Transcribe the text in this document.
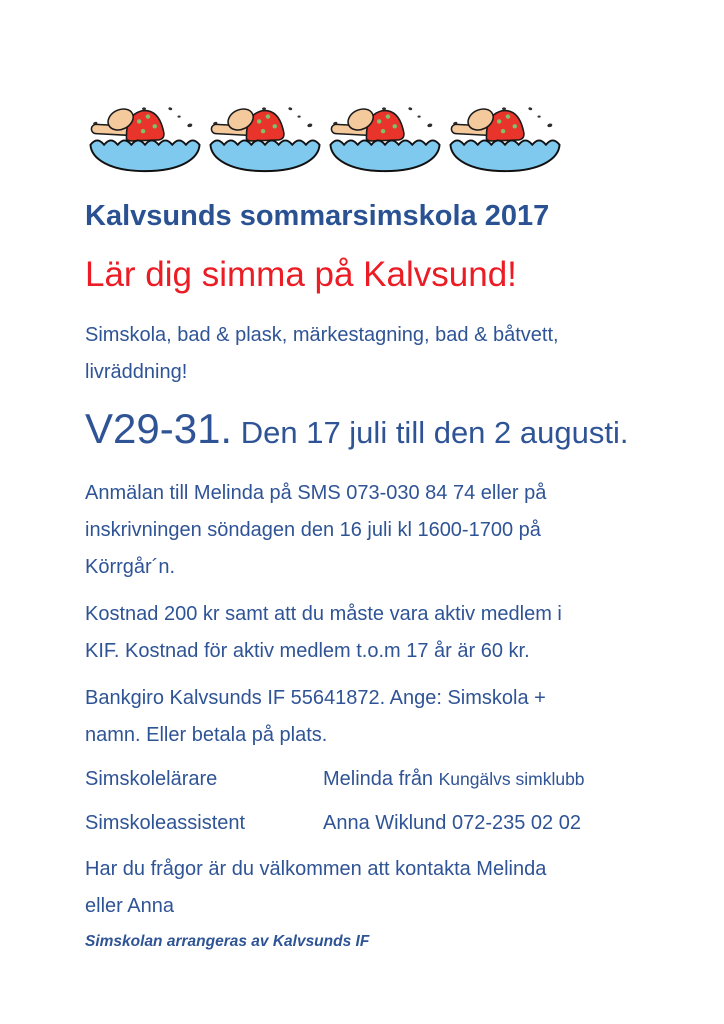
Kalvsunds sommarsimskola 2017
Lär dig simma på Kalvsund!

Simskola, bad & plask, märkestagning, bad & båtvett,
livräddning!

V29-31. Den 17 juli till den 2 augusti.

Anmälan till Melinda på SMS 073-030 84 74 eller på
inskrivningen söndagen den 16 juli kl 1600-1700 på
Körrgår´n.

Kostnad 200 kr samt att du måste vara aktiv medlem i
KIF. Kostnad för aktiv medlem t.o.m 17 år är 60 kr.

Bankgiro Kalvsunds IF 55641872. Ange: Simskola +
namn. Eller betala på plats.

Simskolelärare	Melinda från Kungälvs simklubb
Simskoleassistent	Anna Wiklund 072-235 02 02

Har du frågor är du välkommen att kontakta Melinda
eller Anna

Simskolan arrangeras av Kalvsunds IF
